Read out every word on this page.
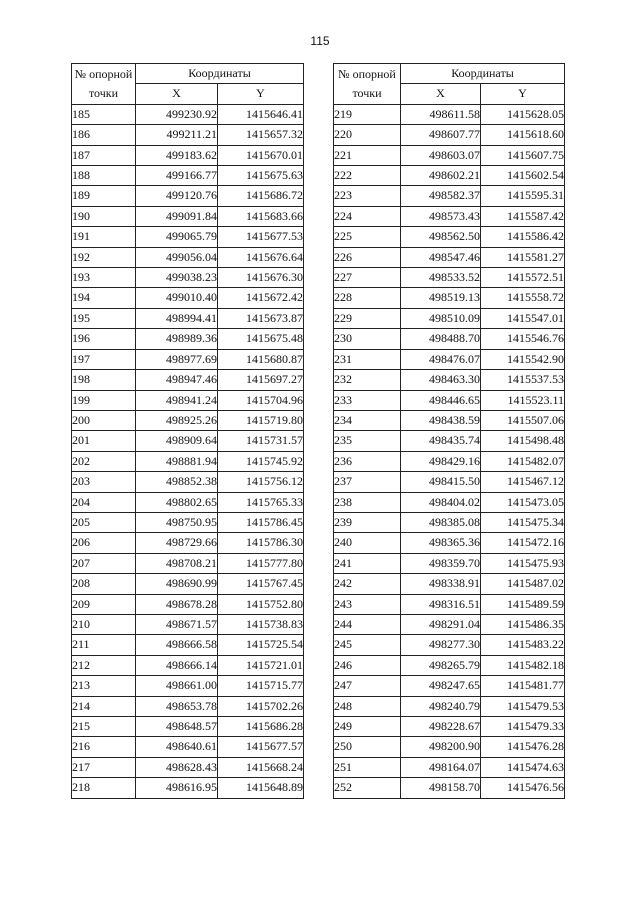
115
№ опорной точки	Координаты	
	X	Y
185	499230.92	1415646.41
186	499211.21	1415657.32
187	499183.62	1415670.01
188	499166.77	1415675.63
189	499120.76	1415686.72
190	499091.84	1415683.66
191	499065.79	1415677.53
192	499056.04	1415676.64
193	499038.23	1415676.30
194	499010.40	1415672.42
195	498994.41	1415673.87
196	498989.36	1415675.48
197	498977.69	1415680.87
198	498947.46	1415697.27
199	498941.24	1415704.96
200	498925.26	1415719.80
201	498909.64	1415731.57
202	498881.94	1415745.92
203	498852.38	1415756.12
204	498802.65	1415765.33
205	498750.95	1415786.45
206	498729.66	1415786.30
207	498708.21	1415777.80
208	498690.99	1415767.45
209	498678.28	1415752.80
210	498671.57	1415738.83
211	498666.58	1415725.54
212	498666.14	1415721.01
213	498661.00	1415715.77
214	498653.78	1415702.26
215	498648.57	1415686.28
216	498640.61	1415677.57
217	498628.43	1415668.24
218	498616.95	1415648.89
№ опорной точки	Координаты	
	X	Y
219	498611.58	1415628.05
220	498607.77	1415618.60
221	498603.07	1415607.75
222	498602.21	1415602.54
223	498582.37	1415595.31
224	498573.43	1415587.42
225	498562.50	1415586.42
226	498547.46	1415581.27
227	498533.52	1415572.51
228	498519.13	1415558.72
229	498510.09	1415547.01
230	498488.70	1415546.76
231	498476.07	1415542.90
232	498463.30	1415537.53
233	498446.65	1415523.11
234	498438.59	1415507.06
235	498435.74	1415498.48
236	498429.16	1415482.07
237	498415.50	1415467.12
238	498404.02	1415473.05
239	498385.08	1415475.34
240	498365.36	1415472.16
241	498359.70	1415475.93
242	498338.91	1415487.02
243	498316.51	1415489.59
244	498291.04	1415486.35
245	498277.30	1415483.22
246	498265.79	1415482.18
247	498247.65	1415481.77
248	498240.79	1415479.53
249	498228.67	1415479.33
250	498200.90	1415476.28
251	498164.07	1415474.63
252	498158.70	1415476.56
